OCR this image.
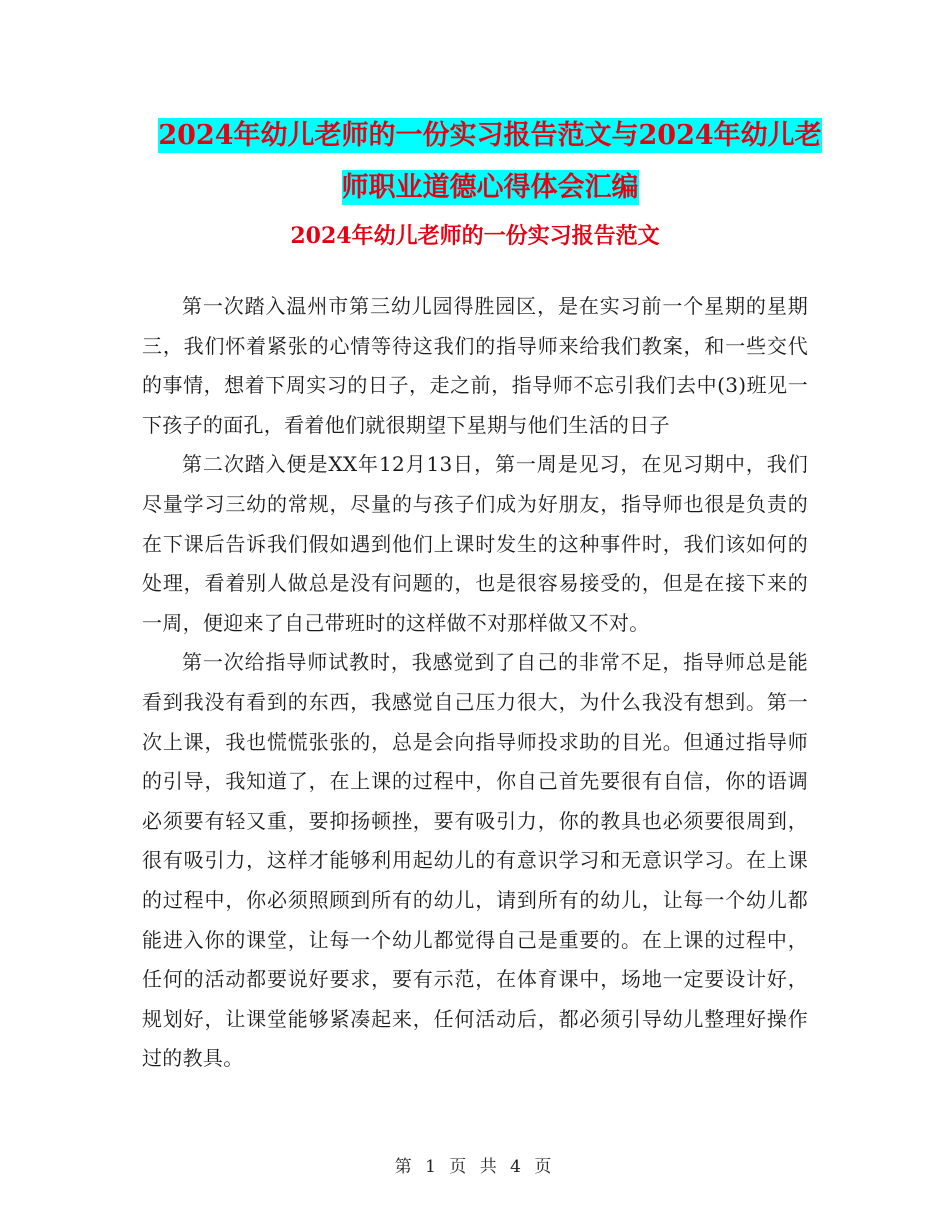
2024年幼儿老师的一份实习报告范文与2024年幼儿老
师职业道德心得体会汇编
2024年幼儿老师的一份实习报告范文

第一次踏入温州市第三幼儿园得胜园区，是在实习前一个星期的星期三，我们怀着紧张的心情等待这我们的指导师来给我们教案，和一些交代的事情，想着下周实习的日子，走之前，指导师不忘引我们去中(3)班见一下孩子的面孔，看着他们就很期望下星期与他们生活的日子

第二次踏入便是XX年12月13日，第一周是见习，在见习期中，我们尽量学习三幼的常规，尽量的与孩子们成为好朋友，指导师也很是负责的在下课后告诉我们假如遇到他们上课时发生的这种事件时，我们该如何的处理，看着别人做总是没有问题的，也是很容易接受的，但是在接下来的一周，便迎来了自己带班时的这样做不对那样做又不对。

第一次给指导师试教时，我感觉到了自己的非常不足，指导师总是能看到我没有看到的东西，我感觉自己压力很大，为什么我没有想到。第一次上课，我也慌慌张张的，总是会向指导师投求助的目光。但通过指导师的引导，我知道了，在上课的过程中，你自己首先要很有自信，你的语调必须要有轻又重，要抑扬顿挫，要有吸引力，你的教具也必须要很周到，很有吸引力，这样才能够利用起幼儿的有意识学习和无意识学习。在上课的过程中，你必须照顾到所有的幼儿，请到所有的幼儿，让每一个幼儿都能进入你的课堂，让每一个幼儿都觉得自己是重要的。在上课的过程中，任何的活动都要说好要求，要有示范，在体育课中，场地一定要设计好，规划好，让课堂能够紧凑起来，任何活动后，都必须引导幼儿整理好操作过的教具。

第 1 页 共 4 页
